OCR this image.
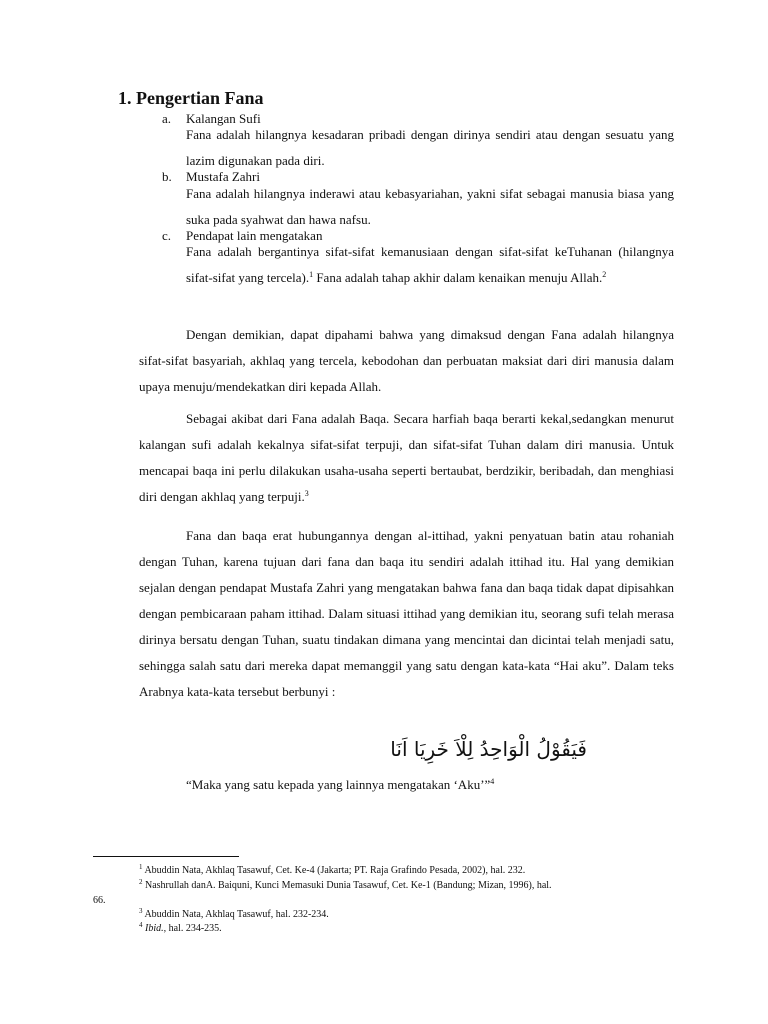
1. Pengertian Fana
a. Kalangan Sufi

Fana adalah hilangnya kesadaran pribadi dengan dirinya sendiri atau dengan sesuatu yang lazim digunakan pada diri.

b. Mustafa Zahri

Fana adalah hilangnya inderawi atau kebasyariahan, yakni sifat sebagai manusia biasa yang suka pada syahwat dan hawa nafsu.

c. Pendapat lain mengatakan

Fana adalah bergantinya sifat-sifat kemanusiaan dengan sifat-sifat keTuhanan (hilangnya sifat-sifat yang tercela).$^1$ Fana adalah tahap akhir dalam kenaikan menuju Allah.$^2$

Dengan demikian, dapat dipahami bahwa yang dimaksud dengan Fana adalah hilangnya sifat-sifat basyariah, akhlaq yang tercela, kebodohan dan perbuatan maksiat dari diri manusia dalam upaya menuju/mendekatkan diri kepada Allah.

Sebagai akibat dari Fana adalah Baqa. Secara harfiah baqa berarti kekal,sedangkan menurut kalangan sufi adalah kekalnya sifat-sifat terpuji, dan sifat-sifat Tuhan dalam diri manusia. Untuk mencapai baqa ini perlu dilakukan usaha-usaha seperti bertaubat, berdzikir, beribadah, dan menghiasi diri dengan akhlaq yang terpuji.$^3$

Fana dan baqa erat hubungannya dengan al-ittihad, yakni penyatuan batin atau rohaniah dengan Tuhan, karena tujuan dari fana dan baqa itu sendiri adalah ittihad itu. Hal yang demikian sejalan dengan pendapat Mustafa Zahri yang mengatakan bahwa fana dan baqa tidak dapat dipisahkan dengan pembicaraan paham ittihad. Dalam situasi ittihad yang demikian itu, seorang sufi telah merasa dirinya bersatu dengan Tuhan, suatu tindakan dimana yang mencintai dan dicintai telah menjadi satu, sehingga salah satu dari mereka dapat memanggil yang satu dengan kata-kata “Hai aku”. Dalam teks Arabnya kata-kata tersebut berbunyi :

فَيَقُوْلُ الْوَاحِدُ لِلْاَ خَرِيَا اَنَا
“Maka yang satu kepada yang lainnya mengatakan ‘Aku’”$^4$

$^1$ Abuddin Nata, Akhlaq Tasawuf, Cet. Ke-4 (Jakarta; PT. Raja Grafindo Pesada, 2002), hal. 232.

$^2$ Nashrullah danA. Baiquni, Kunci Memasuki Dunia Tasawuf, Cet. Ke-1 (Bandung; Mizan, 1996), hal.

66.

$^3$ Abuddin Nata, Akhlaq Tasawuf, hal. 232-234.

$^4$ Ibid., hal. 234-235.
